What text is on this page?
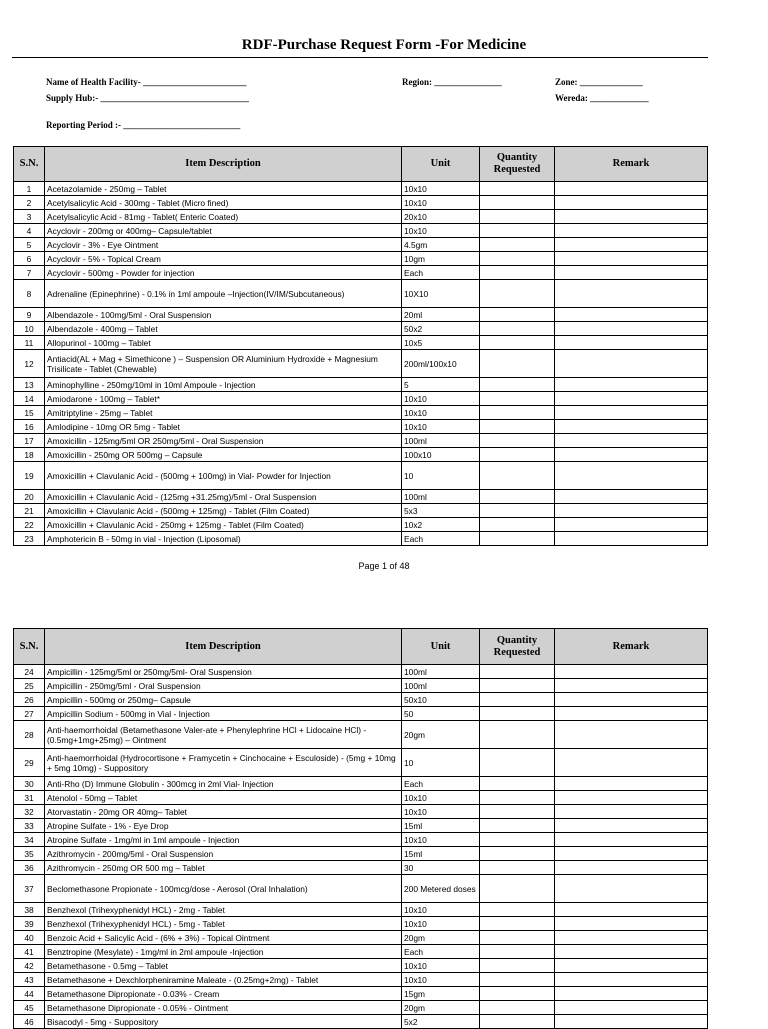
RDF-Purchase Request Form -For Medicine
Name of Health Facility- _______________________	Region: _______________	Zone: ______________
Supply Hub:- _________________________________	Wereda: _____________
Reporting Period :- __________________________
S.N.	Item Description	Unit	Quantity Requested	Remark
1	Acetazolamide - 250mg – Tablet	10x10		
2	Acetylsalicylic Acid - 300mg - Tablet (Micro fined)	10x10		
3	Acetylsalicylic Acid - 81mg - Tablet( Enteric Coated)	20x10		
4	Acyclovir - 200mg or 400mg– Capsule/tablet	10x10		
5	Acyclovir - 3% - Eye Ointment	4.5gm		
6	Acyclovir - 5% - Topical Cream	10gm		
7	Acyclovir - 500mg - Powder for injection	Each		
8	Adrenaline (Epinephrine) - 0.1% in 1ml ampoule –Injection(IV/IM/Subcutaneous)	10X10		
9	Albendazole - 100mg/5ml - Oral Suspension	20ml		
10	Albendazole - 400mg – Tablet	50x2		
11	Allopurinol - 100mg – Tablet	10x5		
12	Antiacid(AL + Mag + Simethicone ) – Suspension OR Aluminium Hydroxide + Magnesium Trisilicate - Tablet (Chewable)	200ml/100x10		
13	Aminophylline - 250mg/10ml in 10ml Ampoule - Injection	5		
14	Amiodarone - 100mg – Tablet*	10x10		
15	Amitriptyline - 25mg – Tablet	10x10		
16	Amlodipine - 10mg OR 5mg - Tablet	10x10		
17	Amoxicillin - 125mg/5ml OR 250mg/5ml - Oral Suspension	100ml		
18	Amoxicillin - 250mg OR 500mg – Capsule	100x10		
19	Amoxicillin + Clavulanic Acid - (500mg + 100mg) in Vial- Powder for Injection	10		
20	Amoxicillin + Clavulanic Acid - (125mg +31.25mg)/5ml - Oral Suspension	100ml		
21	Amoxicillin + Clavulanic Acid - (500mg + 125mg) - Tablet (Film Coated)	5x3		
22	Amoxicillin + Clavulanic Acid - 250mg + 125mg - Tablet (Film Coated)	10x2		
23	Amphotericin B - 50mg in vial - Injection (Liposomal)	Each		
Page 1 of 48
S.N.	Item Description	Unit	Quantity Requested	Remark
24	Ampicillin - 125mg/5ml or 250mg/5ml- Oral Suspension	100ml		
25	Ampicillin - 250mg/5ml - Oral Suspension	100ml		
26	Ampicillin - 500mg or 250mg– Capsule	50x10		
27	Ampicillin Sodium - 500mg in Vial - Injection	50		
28	Anti-haemorrhoidal (Betamethasone Valer-ate + Phenylephrine HCl + Lidocaine HCl) -(0.5mg+1mg+25mg) – Ointment	20gm		
29	Anti-haemorrhoidal (Hydrocortisone + Framycetin + Cinchocaine + Esculoside) - (5mg + 10mg + 5mg 10mg) - Suppository	10		
30	Anti-Rho (D) Immune Globulin - 300mcg in 2ml Vial- Injection	Each		
31	Atenolol - 50mg – Tablet	10x10		
32	Atorvastatin - 20mg OR 40mg– Tablet	10x10		
33	Atropine Sulfate - 1% - Eye Drop	15ml		
34	Atropine Sulfate - 1mg/ml in 1ml ampoule - Injection	10x10		
35	Azithromycin - 200mg/5ml - Oral Suspension	15ml		
36	Azithromycin - 250mg OR 500 mg – Tablet	30		
37	Beclomethasone Propionate - 100mcg/dose - Aerosol (Oral Inhalation)	200 Metered doses		
38	Benzhexol (Trihexyphenidyl HCL) - 2mg - Tablet	10x10		
39	Benzhexol (Trihexyphenidyl HCL) - 5mg - Tablet	10x10		
40	Benzoic Acid + Salicylic Acid - (6% + 3%) - Topical Ointment	20gm		
41	Benztropine (Mesylate) - 1mg/ml in 2ml ampoule -Injection	Each		
42	Betamethasone - 0.5mg – Tablet	10x10		
43	Betamethasone + Dexchlorpheniramine Maleate - (0.25mg+2mg) - Tablet	10x10		
44	Betamethasone Dipropionate - 0.03% - Cream	15gm		
45	Betamethasone Dipropionate - 0.05% - Ointment	20gm		
46	Bisacodyl - 5mg - Suppository	5x2		
